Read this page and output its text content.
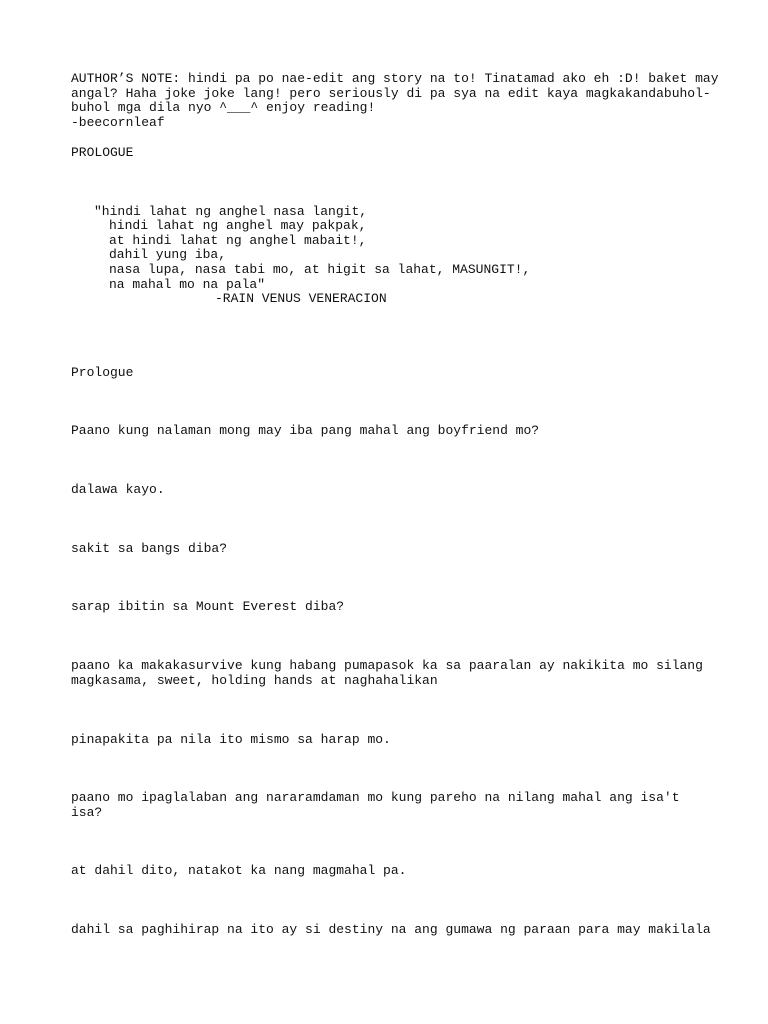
AUTHOR’S NOTE: hindi pa po nae-edit ang story na to! Tinatamad ako eh :D! baket may

angal? Haha joke joke lang! pero seriously di pa sya na edit kaya magkakandabuhol-

buhol mga dila nyo ^___^ enjoy reading!

-beecornleaf

PROLOGUE

"hindi lahat ng anghel nasa langit,

hindi lahat ng anghel may pakpak,

at hindi lahat ng anghel mabait!,

dahil yung iba,

nasa lupa, nasa tabi mo, at higit sa lahat, MASUNGIT!,

na mahal mo na pala"

-RAIN VENUS VENERACION

Prologue

Paano kung nalaman mong may iba pang mahal ang boyfriend mo?

dalawa kayo.

sakit sa bangs diba?

sarap ibitin sa Mount Everest diba?

paano ka makakasurvive kung habang pumapasok ka sa paaralan ay nakikita mo silang

magkasama, sweet, holding hands at naghahalikan

pinapakita pa nila ito mismo sa harap mo.

paano mo ipaglalaban ang nararamdaman mo kung pareho na nilang mahal ang isa't

isa?

at dahil dito, natakot ka nang magmahal pa.

dahil sa paghihirap na ito ay si destiny na ang gumawa ng paraan para may makilala
